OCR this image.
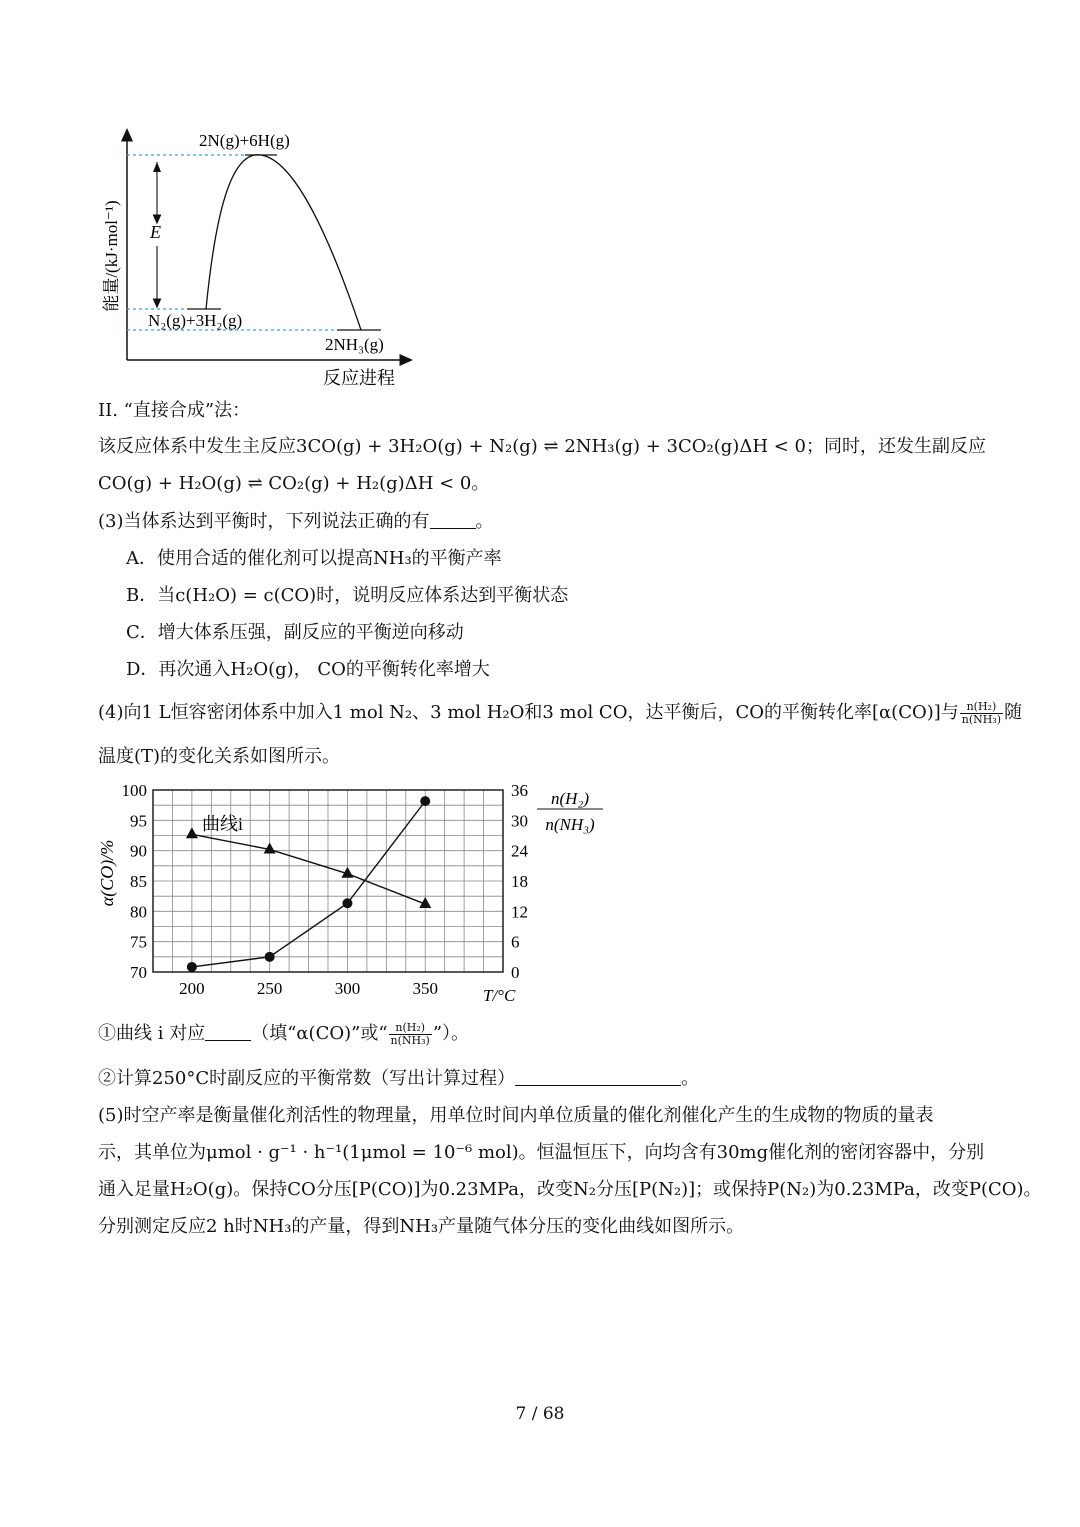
E
2N(g)+6H(g)
N₂(g)+3H₂(g)
2NH₃(g)
反应进程
能量/(kJ·mol⁻¹)
II. “直接合成”法：
该反应体系中发生主反应3CO(g) + 3H₂O(g) + N₂(g) ⇌ 2NH₃(g) + 3CO₂(g)ΔH < 0；同时，还发生副反应
CO(g) + H₂O(g) ⇌ CO₂(g) + H₂(g)ΔH < 0。
(3)当体系达到平衡时，下列说法正确的有	。
A．使用合适的催化剂可以提高NH₃的平衡产率
B．当c(H₂O) = c(CO)时，说明反应体系达到平衡状态
C．增大体系压强，副反应的平衡逆向移动
D．再次通入H₂O(g)， CO的平衡转化率增大
(4)向1 L恒容密闭体系中加入1 mol N₂、3 mol H₂O和3 mol CO，达平衡后，CO的平衡转化率[α(CO)]与 $\frac{\text{n(H₂)}}{\text{n(NH₃)}}$ 随
温度(T)的变化关系如图所示。
100
95
90
85
80
75
70
36
30
24
18
12
6
0
200	250	300	350
α(CO)/%
n(H₂)
n(NH₃)
T/°C
曲线i
①曲线 i 对应	（填“α(CO)”或“ $\frac{\text{n(H₂)}}{\text{n(NH₃)}}$ ”）。
②计算250°C时副反应的平衡常数（写出计算过程）	。
(5)时空产率是衡量催化剂活性的物理量，用单位时间内单位质量的催化剂催化产生的生成物的物质的量表
示，其单位为μmol · g⁻¹ · h⁻¹(1μmol = 10⁻⁶ mol)。恒温恒压下，向均含有30mg催化剂的密闭容器中，分别
通入足量H₂O(g)。保持CO分压[P(CO)]为0.23MPa，改变N₂分压[P(N₂)]；或保持P(N₂)为0.23MPa，改变P(CO)。
分别测定反应2 h时NH₃的产量，得到NH₃产量随气体分压的变化曲线如图所示。
7 / 68
